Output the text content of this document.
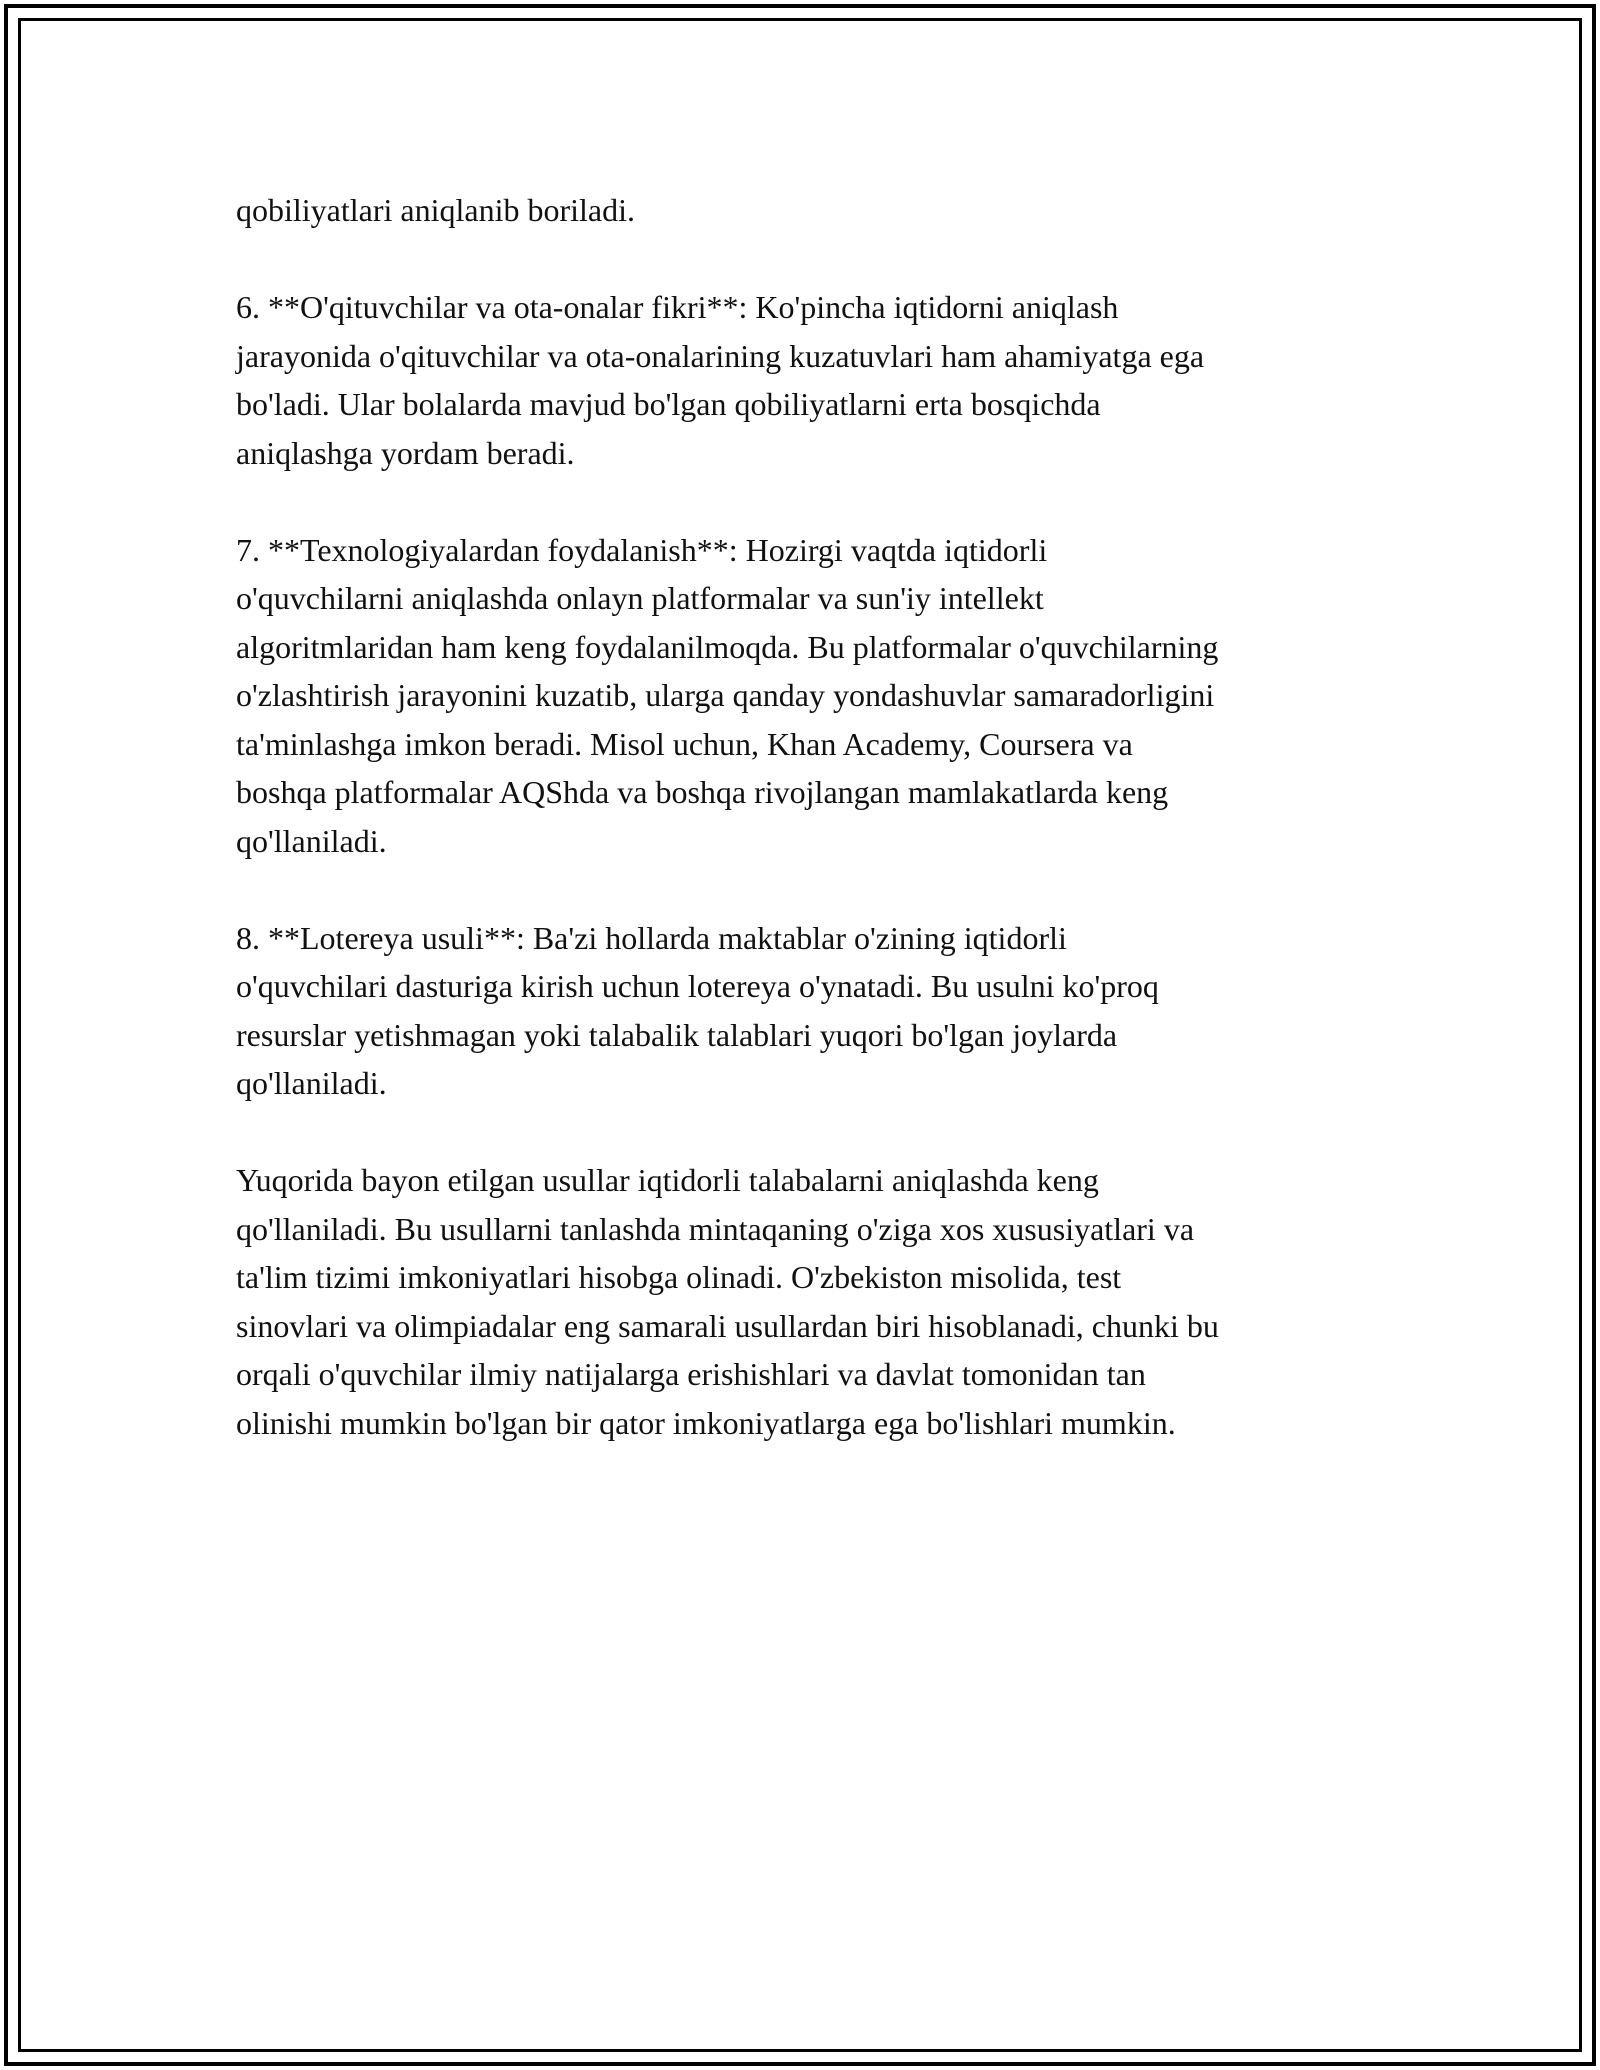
qobiliyatlari aniqlanib boriladi.

6. **O'qituvchilar va ota-onalar fikri**: Ko'pincha iqtidorni aniqlash
jarayonida o'qituvchilar va ota-onalarining kuzatuvlari ham ahamiyatga ega
bo'ladi. Ular bolalarda mavjud bo'lgan qobiliyatlarni erta bosqichda
aniqlashga yordam beradi.

7. **Texnologiyalardan foydalanish**: Hozirgi vaqtda iqtidorli
o'quvchilarni aniqlashda onlayn platformalar va sun'iy intellekt
algoritmlaridan ham keng foydalanilmoqda. Bu platformalar o'quvchilarning
o'zlashtirish jarayonini kuzatib, ularga qanday yondashuvlar samaradorligini
ta'minlashga imkon beradi. Misol uchun, Khan Academy, Coursera va
boshqa platformalar AQShda va boshqa rivojlangan mamlakatlarda keng
qo'llaniladi.

8. **Lotereya usuli**: Ba'zi hollarda maktablar o'zining iqtidorli
o'quvchilari dasturiga kirish uchun lotereya o'ynatadi. Bu usulni ko'proq
resurslar yetishmagan yoki talabalik talablari yuqori bo'lgan joylarda
qo'llaniladi.

Yuqorida bayon etilgan usullar iqtidorli talabalarni aniqlashda keng
qo'llaniladi. Bu usullarni tanlashda mintaqaning o'ziga xos xususiyatlari va
ta'lim tizimi imkoniyatlari hisobga olinadi. O'zbekiston misolida, test
sinovlari va olimpiadalar eng samarali usullardan biri hisoblanadi, chunki bu
orqali o'quvchilar ilmiy natijalarga erishishlari va davlat tomonidan tan
olinishi mumkin bo'lgan bir qator imkoniyatlarga ega bo'lishlari mumkin.
